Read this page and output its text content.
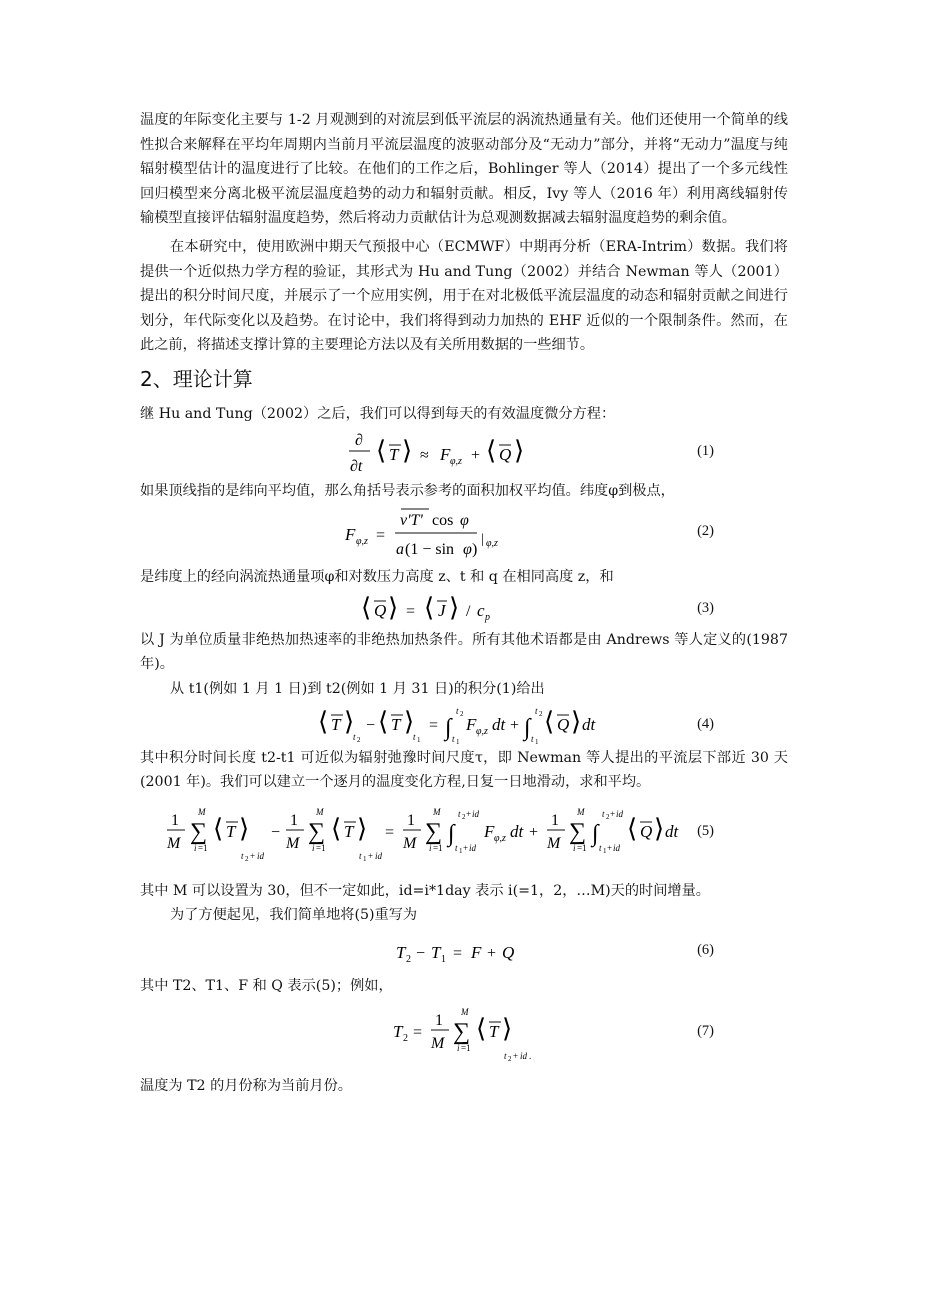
温度的年际变化主要与 1-2 月观测到的对流层到低平流层的涡流热通量有关。他们还使用一个简单的线性拟合来解释在平均年周期内当前月平流层温度的波驱动部分及“无动力”部分，并将“无动力”温度与纯辐射模型估计的温度进行了比较。在他们的工作之后，Bohlinger 等人（2014）提出了一个多元线性回归模型来分离北极平流层温度趋势的动力和辐射贡献。相反，Ivy 等人（2016 年）利用离线辐射传输模型直接评估辐射温度趋势，然后将动力贡献估计为总观测数据减去辐射温度趋势的剩余值。

在本研究中，使用欧洲中期天气预报中心（ECMWF）中期再分析（ERA-Intrim）数据。我们将提供一个近似热力学方程的验证，其形式为 Hu and Tung（2002）并结合 Newman 等人（2001）提出的积分时间尺度，并展示了一个应用实例，用于在对北极低平流层温度的动态和辐射贡献之间进行划分，年代际变化以及趋势。在讨论中，我们将得到动力加热的 EHF 近似的一个限制条件。然而，在此之前，将描述支撑计算的主要理论方法以及有关所用数据的一些细节。

2、理论计算

继 Hu and Tung（2002）之后，我们可以得到每天的有效温度微分方程：

∂
∂t
⟨ T ⟩ ≈ F φ,z + ⟨ Q ⟩	(1)

如果顶线指的是纬向平均值，那么角括号表示参考的面积加权平均值。纬度φ到极点，

F φ,z =
v'T' cos φ
a (1 − sin φ )
| φ,z
(2)

是纬度上的经向涡流热通量项φ和对数压力高度 z、t 和 q 在相同高度 z，和

⟨ Q ⟩ = ⟨ J ⟩ / c p
(3)

以 J 为单位质量非绝热加热速率的非绝热加热条件。所有其他术语都是由 Andrews 等人定义的(1987 年)。

从 t1(例如 1 月 1 日)到 t2(例如 1 月 31 日)的积分(1)给出

⟨ T ⟩
t 2
− ⟨ T ⟩
t 1
= ∫
t 2
t 1
F φ,z dt + ∫
t 2
t 1
⟨ Q ⟩ dt	(4)

其中积分时间长度 t2-t1 可近似为辐射弛豫时间尺度τ，即 Newman 等人提出的平流层下部近 30 天(2001 年)。我们可以建立一个逐月的温度变化方程,日复一日地滑动，求和平均。

1
M
M
∑
i =1
⟨ T ⟩
t 2 + id
−
1
M
M
∑
i =1
⟨ T ⟩
t 1 + id
=
1
M
M
∑
i =1
∫
t 2 + id
t 1 + id
F φ,z dt +
1
M
M
∑
i =1
∫
t 2 + id
t 1 + id
⟨ Q ⟩ dt (5)

其中 M 可以设置为 30，但不一定如此，id=i*1day 表示 i(=1，2，…M)天的时间增量。

为了方便起见，我们简单地将(5)重写为

T 2 − T 1 = F + Q	(6)

其中 T2、T1、F 和 Q 表示(5)；例如，

T 2 =
1
M
M
∑
i =1
⟨ T ⟩
t 2 + id .
(7)

温度为 T2 的月份称为当前月份。
